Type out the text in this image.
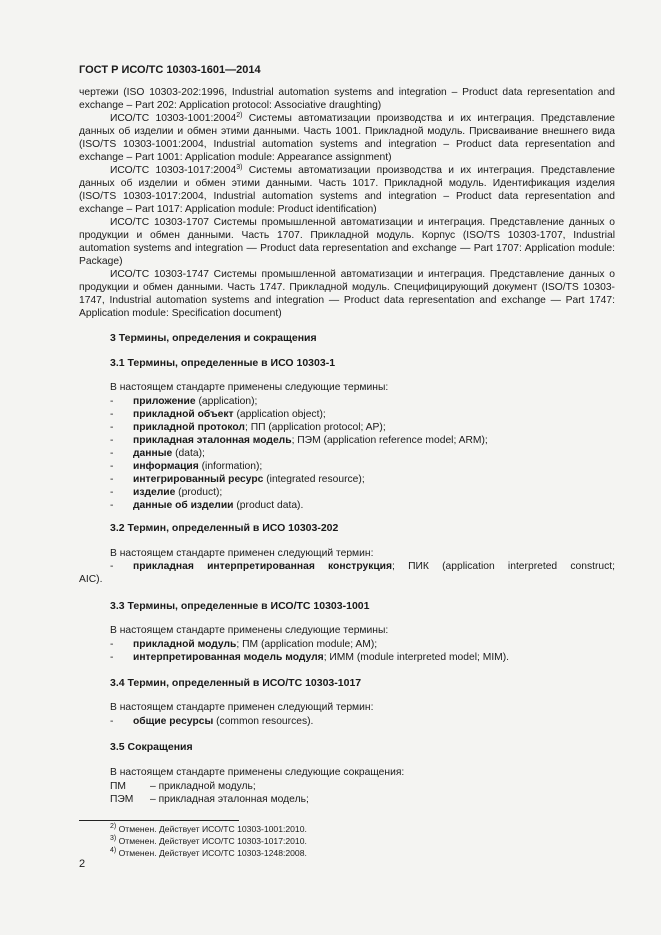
ГОСТ Р ИСО/ТС 10303-1601—2014

чертежи (ISO 10303-202:1996, Industrial automation systems and integration – Product data representation and exchange – Part 202: Application protocol: Associative draughting)

ИСО/ТС 10303-1001:2004$^{2)}$ Системы автоматизации производства и их интеграция. Представление данных об изделии и обмен этими данными. Часть 1001. Прикладной модуль. Присваивание внешнего вида (ISO/TS 10303-1001:2004, Industrial automation systems and integration – Product data representation and exchange – Part 1001: Application module: Appearance assignment)

ИСО/ТС 10303-1017:2004$^{3)}$ Системы автоматизации производства и их интеграция. Представление данных об изделии и обмен этими данными. Часть 1017. Прикладной модуль. Идентификация изделия (ISO/TS 10303-1017:2004, Industrial automation systems and integration – Product data representation and exchange – Part 1017: Application module: Product identification)

ИСО/ТС 10303-1707 Системы промышленной автоматизации и интеграция. Представление данных о продукции и обмен данными. Часть 1707. Прикладной модуль. Корпус (ISO/TS 10303-1707, Industrial automation systems and integration — Product data representation and exchange — Part 1707: Application module: Package)

ИСО/ТС 10303-1747 Системы промышленной автоматизации и интеграция. Представление данных о продукции и обмен данными. Часть 1747. Прикладной модуль. Специфицирующий документ (ISO/TS 10303-1747, Industrial automation systems and integration — Product data representation and exchange — Part 1747: Application module: Specification document)

3 Термины, определения и сокращения
3.1 Термины, определенные в ИСО 10303-1
В настоящем стандарте применены следующие термины:
- приложение (application);
- прикладной объект (application object);
- прикладной протокол; ПП (application protocol; AP);
- прикладная эталонная модель; ПЭМ (application reference model; ARM);
- данные (data);
- информация (information);
- интегрированный ресурс (integrated resource);
- изделие (product);
- данные об изделии (product data).
3.2 Термин, определенный в ИСО 10303-202
В настоящем стандарте применен следующий термин:
- прикладная интерпретированная конструкция; ПИК (application interpreted construct;
AIC).
3.3 Термины, определенные в ИСО/ТС 10303-1001
В настоящем стандарте применены следующие термины:
- прикладной модуль; ПМ (application module; AM);
- интерпретированная модель модуля; ИММ (module interpreted model; MIM).
3.4 Термин, определенный в ИСО/ТС 10303-1017
В настоящем стандарте применен следующий термин:
- общие ресурсы (common resources).
3.5 Сокращения
В настоящем стандарте применены следующие сокращения:
ПМ – прикладной модуль;
ПЭМ – прикладная эталонная модель;
$^{2)}$ Отменен. Действует ИСО/ТС 10303-1001:2010.
$^{3)}$ Отменен. Действует ИСО/ТС 10303-1017:2010.
$^{4)}$ Отменен. Действует ИСО/ТС 10303-1248:2008.
2
